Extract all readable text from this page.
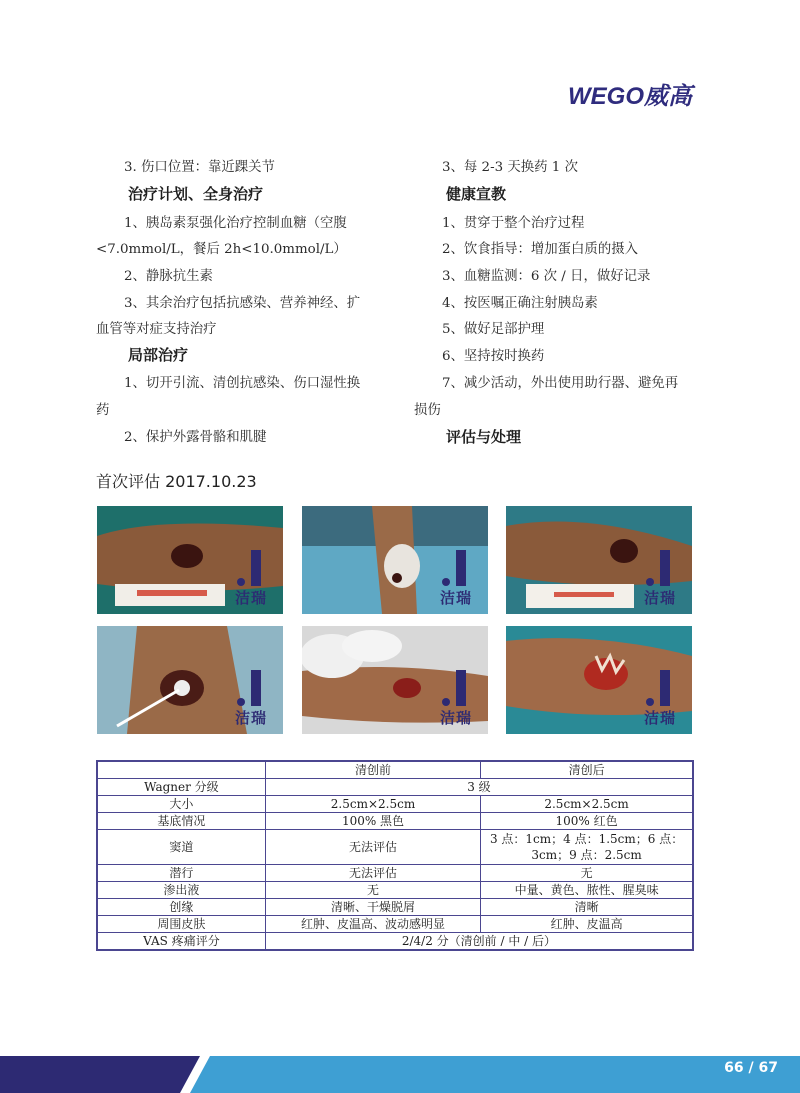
WEGO威高
3. 伤口位置：靠近踝关节
治疗计划、全身治疗
1、胰岛素泵强化治疗控制血糖（空腹
<7.0mmol/L，餐后 2h<10.0mmol/L）
2、静脉抗生素
3、其余治疗包括抗感染、营养神经、扩
血管等对症支持治疗
局部治疗
1、切开引流、清创抗感染、伤口湿性换
药
2、保护外露骨骼和肌腱
3、每 2-3 天换药 1 次
健康宣教
1、贯穿于整个治疗过程
2、饮食指导：增加蛋白质的摄入
3、血糖监测：6 次 / 日，做好记录
4、按医嘱正确注射胰岛素
5、做好足部护理
6、坚持按时换药
7、减少活动，外出使用助行器、避免再
损伤
评估与处理
首次评估 2017.10.23
洁瑞	洁瑞	洁瑞
洁瑞	洁瑞	洁瑞
	清创前	清创后
Wagner 分级	3 级	
大小	2.5cm×2.5cm	2.5cm×2.5cm
基底情况	100% 黑色	100% 红色
窦道	无法评估	3 点：1cm；4 点：1.5cm；6 点：3cm；9 点：2.5cm
潜行	无法评估	无
渗出液	无	中量、黄色、脓性、腥臭味
创缘	清晰、干燥脱屑	清晰
周围皮肤	红肿、皮温高、波动感明显	红肿、皮温高
VAS 疼痛评分	2/4/2 分（清创前 / 中 / 后）	
66 / 67
